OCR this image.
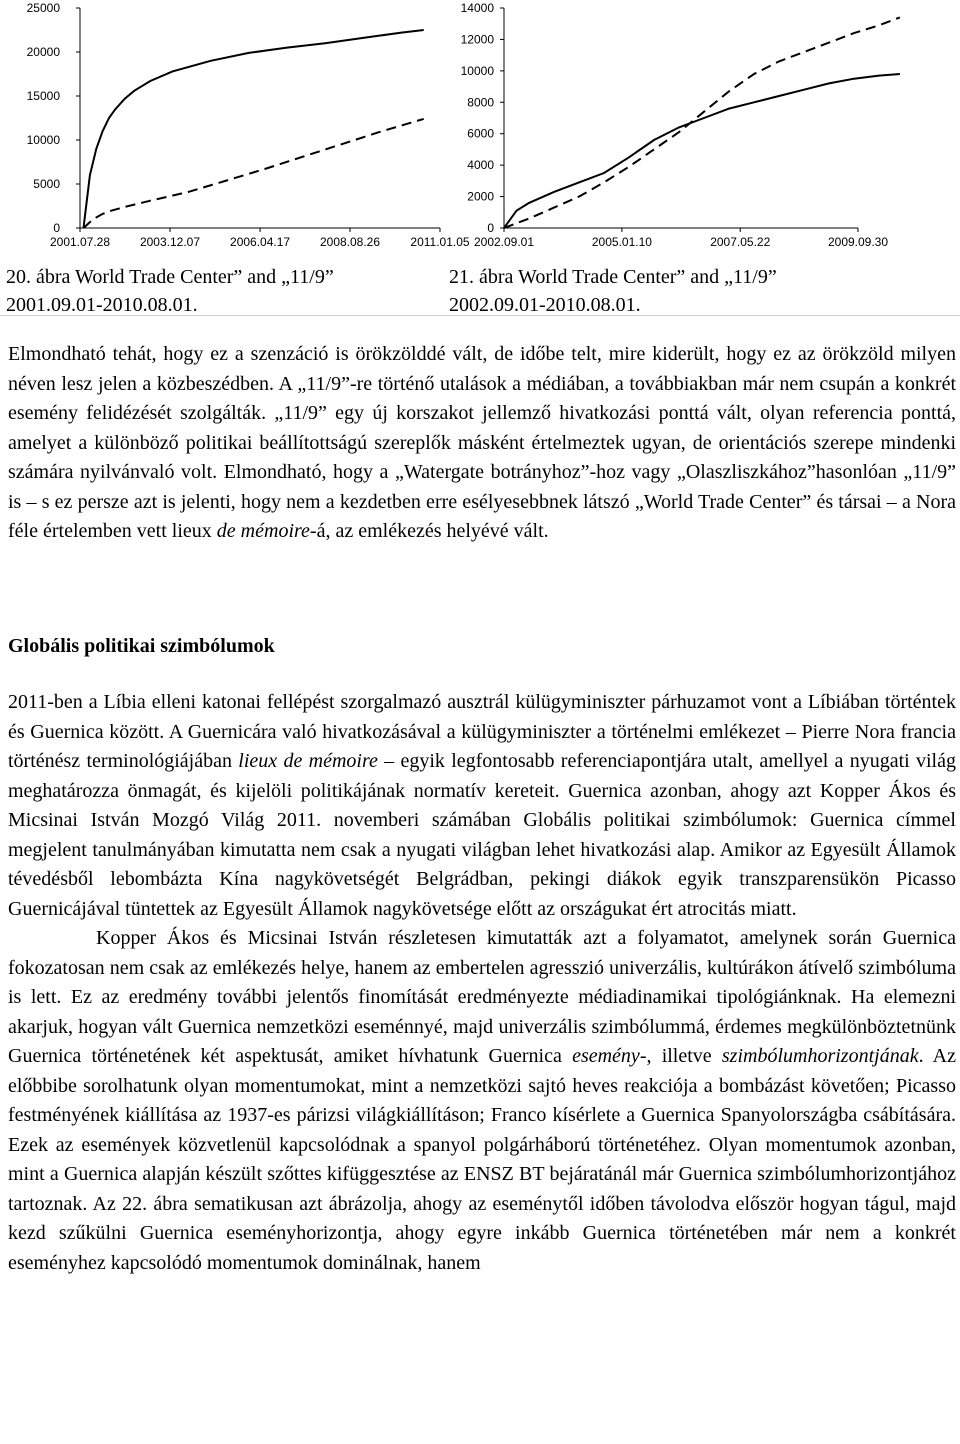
0
5000
10000
15000
20000
25000
2001.07.28 2003.12.07 2006.04.17 2008.08.26	2011.01.05
20. ábra World Trade Center” and „11/9”
2001.09.01-2010.08.01.
0
2000
4000
6000
8000
10000
12000
14000
2002.09.01	2005.01.10	2007.05.22	2009.09.30
21. ábra World Trade Center” and „11/9”
2002.09.01-2010.08.01.

Elmondható tehát, hogy ez a szenzáció is örökzölddé vált, de időbe telt, mire kiderült, hogy ez az örökzöld milyen néven lesz jelen a közbeszédben. A „11/9”-re történő utalások a médiában, a továbbiakban már nem csupán a konkrét esemény felidézését szolgálták. „11/9” egy új korszakot jellemző hivatkozási ponttá vált, olyan referencia ponttá, amelyet a különböző politikai beállítottságú szereplők másként értelmeztek ugyan, de orientációs szerepe mindenki számára nyilvánvaló volt. Elmondható, hogy a „Watergate botrányhoz”-hoz vagy „Olaszliszkához”hasonlóan „11/9” is – s ez persze azt is jelenti, hogy nem a kezdetben erre esélyesebbnek látszó „World Trade Center” és társai – a Nora féle értelemben vett lieux de mémoire-á, az emlékezés helyévé vált.

Globális politikai szimbólumok

2011-ben a Líbia elleni katonai fellépést szorgalmazó ausztrál külügyminiszter párhuzamot vont a Líbiában történtek és Guernica között. A Guernicára való hivatkozásával a külügyminiszter a történelmi emlékezet – Pierre Nora francia történész terminológiájában lieux de mémoire – egyik legfontosabb referenciapontjára utalt, amellyel a nyugati világ meghatározza önmagát, és kijelöli politikájának normatív kereteit. Guernica azonban, ahogy azt Kopper Ákos és Micsinai István Mozgó Világ 2011. novemberi számában Globális politikai szimbólumok: Guernica címmel megjelent tanulmányában kimutatta nem csak a nyugati világban lehet hivatkozási alap. Amikor az Egyesült Államok tévedésből lebombázta Kína nagykövetségét Belgrádban, pekingi diákok egyik transzparensükön Picasso Guernicájával tüntettek az Egyesült Államok nagykövetsége előtt az országukat ért atrocitás miatt.

Kopper Ákos és Micsinai István részletesen kimutatták azt a folyamatot, amelynek során Guernica fokozatosan nem csak az emlékezés helye, hanem az embertelen agresszió univerzális, kultúrákon átívelő szimbóluma is lett. Ez az eredmény további jelentős finomítását eredményezte médiadinamikai tipológiánknak. Ha elemezni akarjuk, hogyan vált Guernica nemzetközi eseménnyé, majd univerzális szimbólummá, érdemes megkülönböztetnünk Guernica történetének két aspektusát, amiket hívhatunk Guernica esemény-, illetve szimbólumhorizontjának. Az előbbibe sorolhatunk olyan momentumokat, mint a nemzetközi sajtó heves reakciója a bombázást követően; Picasso festményének kiállítása az 1937-es párizsi világkiállításon; Franco kísérlete a Guernica Spanyolországba csábítására. Ezek az események közvetlenül kapcsolódnak a spanyol polgárháború történetéhez. Olyan momentumok azonban, mint a Guernica alapján készült szőttes kifüggesztése az ENSZ BT bejáratánál már Guernica szimbólumhorizontjához tartoznak. Az 22. ábra sematikusan azt ábrázolja, ahogy az eseménytől időben távolodva először hogyan tágul, majd kezd szűkülni Guernica eseményhorizontja, ahogy egyre inkább Guernica történetében már nem a konkrét eseményhez kapcsolódó momentumok dominálnak, hanem
